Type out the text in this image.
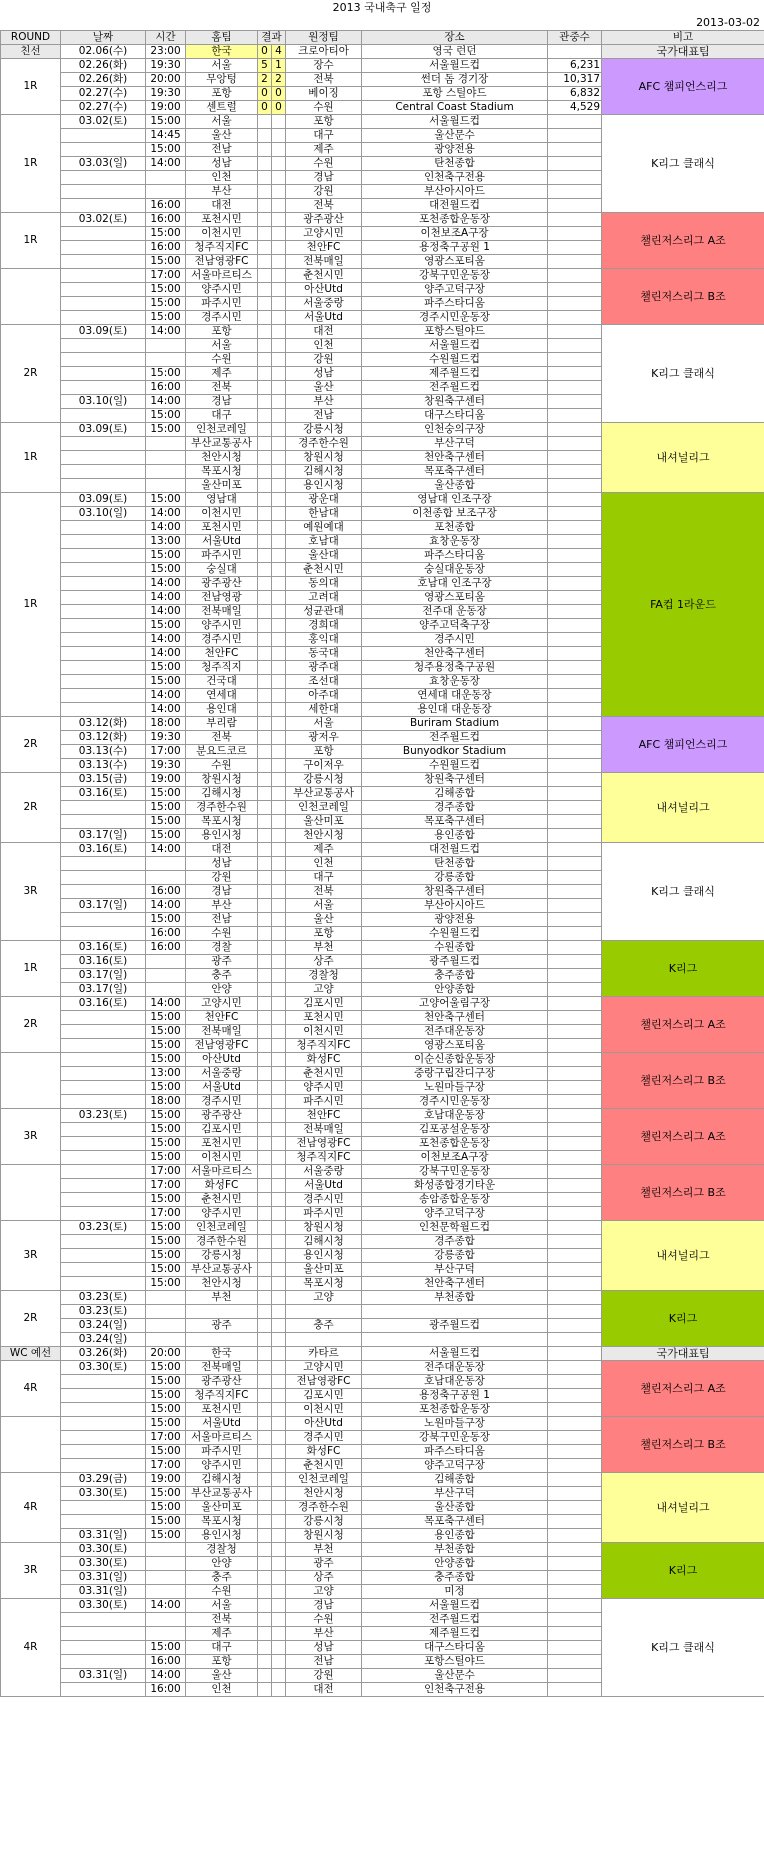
2013 국내축구 일정
2013-03-02
ROUND	날짜	시간	홈팀	결과		원정팀	장소	관중수	비고
친선	02.06(수)	23:00	한국	0	4	크로아티아	영국 런던		국가대표팀
1R	02.26(화)	19:30	서울	5	1	장수	서울월드컵	6,231	AFC 챔피언스리그
	02.26(화)	20:00	무앙텅	2	2	전북	썬더 돔 경기장	10,317	
	02.27(수)	19:30	포항	0	0	베이징	포항 스틸야드	6,832	
	02.27(수)	19:00	센트럴	0	0	수원	Central Coast Stadium	4,529	
1R	03.02(토)	15:00	서울			포항	서울월드컵		K리그 클래식
		14:45	울산			대구	울산문수		
		15:00	전남			제주	광양전용		
	03.03(일)	14:00	성남			수원	탄천종합		
			인천			경남	인천축구전용		
			부산			강원	부산아시아드		
		16:00	대전			전북	대전월드컵		
1R	03.02(토)	16:00	포천시민			광주광산	포천종합운동장		챌린저스리그 A조
		15:00	이천시민			고양시민	이천보조A구장		
		16:00	청주직지FC			천안FC	용정축구공원 1		
		15:00	전남영광FC			전북매일	영광스포티움		
		17:00	서울마르티스			춘천시민	강북구민운동장		챌린저스리그 B조
		15:00	양주시민			아산Utd	양주고덕구장		
		15:00	파주시민			서울중랑	파주스타디움		
		15:00	경주시민			서울Utd	경주시민운동장		
2R	03.09(토)	14:00	포항			대전	포항스틸야드		K리그 클래식
			서울			인천	서울월드컵		
			수원			강원	수원월드컵		
		15:00	제주			성남	제주월드컵		
		16:00	전북			울산	전주월드컵		
	03.10(일)	14:00	경남			부산	창원축구센터		
		15:00	대구			전남	대구스타디움		
1R	03.09(토)	15:00	인천코레일			강릉시청	인천숭의구장		내셔널리그
			부산교통공사			경주한수원	부산구덕		
			천안시청			창원시청	천안축구센터		
			목포시청			김해시청	목포축구센터		
			울산미포			용인시청	울산종합		
1R	03.09(토)	15:00	영남대			광운대	영남대 인조구장		FA컵 1라운드
	03.10(일)	14:00	이천시민			한남대	이천종합 보조구장		
		14:00	포천시민			예원예대	포천종합		
		13:00	서울Utd			호남대	효창운동장		
		15:00	파주시민			울산대	파주스타디움		
		15:00	숭실대			춘천시민	숭실대운동장		
		14:00	광주광산			동의대	호남대 인조구장		
		14:00	전남영광			고려대	영광스포티움		
		14:00	전북매일			성균관대	전주대 운동장		
		15:00	양주시민			경희대	양주고덕축구장		
		14:00	경주시민			홍익대	경주시민		
		14:00	천안FC			동국대	천안축구센터		
		15:00	청주직지			광주대	청주용정축구공원		
		15:00	건국대			조선대	효창운동장		
		14:00	연세대			아주대	연세대 대운동장		
		14:00	용인대			세한대	용인대 대운동장		
2R	03.12(화)	18:00	부리람			서울	Buriram Stadium		AFC 챔피언스리그
	03.12(화)	19:30	전북			광저우	전주월드컵		
	03.13(수)	17:00	분요드코르			포항	Bunyodkor Stadium		
	03.13(수)	19:30	수원			구이저우	수원월드컵		
2R	03.15(금)	19:00	창원시청			강릉시청	창원축구센터		내셔널리그
	03.16(토)	15:00	김해시청			부산교통공사	김해종합		
		15:00	경주한수원			인천코레일	경주종합		
		15:00	목포시청			울산미포	목포축구센터		
	03.17(일)	15:00	용인시청			천안시청	용인종합		
3R	03.16(토)	14:00	대전			제주	대전월드컵		K리그 클래식
			성남			인천	탄천종합		
			강원			대구	강릉종합		
		16:00	경남			전북	창원축구센터		
	03.17(일)	14:00	부산			서울	부산아시아드		
		15:00	전남			울산	광양전용		
		16:00	수원			포항	수원월드컵		
1R	03.16(토)	16:00	경찰			부천	수원종합		K리그
	03.16(토)		광주			상주	광주월드컵		
	03.17(일)		충주			경찰청	충주종합		
	03.17(일)		안양			고양	안양종합		
2R	03.16(토)	14:00	고양시민			김포시민	고양어울림구장		챌린저스리그 A조
		15:00	천안FC			포천시민	천안축구센터		
		15:00	전북매일			이천시민	전주대운동장		
		15:00	전남영광FC			청주직지FC	영광스포티움		
		15:00	아산Utd			화성FC	이순신종합운동장		챌린저스리그 B조
		13:00	서울중랑			춘천시민	중랑구립잔디구장		
		15:00	서울Utd			양주시민	노원마들구장		
		18:00	경주시민			파주시민	경주시민운동장		
3R	03.23(토)	15:00	광주광산			천안FC	호남대운동장		챌린저스리그 A조
		15:00	김포시민			전북매일	김포공설운동장		
		15:00	포천시민			전남영광FC	포천종합운동장		
		15:00	이천시민			청주직지FC	이천보조A구장		
		17:00	서울마르티스			서울중랑	강북구민운동장		챌린저스리그 B조
		17:00	화성FC			서울Utd	화성종합경기타운		
		15:00	춘천시민			경주시민	송암종합운동장		
		17:00	양주시민			파주시민	양주고덕구장		
3R	03.23(토)	15:00	인천코레일			창원시청	인천문학월드컵		내셔널리그
		15:00	경주한수원			김해시청	경주종합		
		15:00	강릉시청			용인시청	강릉종합		
		15:00	부산교통공사			울산미포	부산구덕		
		15:00	천안시청			목포시청	천안축구센터		
2R	03.23(토)		부천			고양	부천종합		K리그
	03.23(토)								
	03.24(일)		광주			충주	광주월드컵		
	03.24(일)								
WC 예선	03.26(화)	20:00	한국			카타르	서울월드컵		국가대표팀
4R	03.30(토)	15:00	전북매일			고양시민	전주대운동장		챌린저스리그 A조
		15:00	광주광산			전남영광FC	호남대운동장		
		15:00	청주직지FC			김포시민	용정축구공원 1		
		15:00	포천시민			이천시민	포천종합운동장		
		15:00	서울Utd			아산Utd	노원마들구장		챌린저스리그 B조
		17:00	서울마르티스			경주시민	강북구민운동장		
		15:00	파주시민			화성FC	파주스타디움		
		17:00	양주시민			춘천시민	양주고덕구장		
4R	03.29(금)	19:00	김해시청			인천코레일	김해종합		내셔널리그
	03.30(토)	15:00	부산교통공사			천안시청	부산구덕		
		15:00	울산미포			경주한수원	울산종합		
		15:00	목포시청			강릉시청	목포축구센터		
	03.31(일)	15:00	용인시청			창원시청	용인종합		
3R	03.30(토)		경찰청			부천	부천종합		K리그
	03.30(토)		안양			광주	안양종합		
	03.31(일)		충주			상주	충주종합		
	03.31(일)		수원			고양	미정		
4R	03.30(토)	14:00	서울			경남	서울월드컵		K리그 클래식
			전북			수원	전주월드컵		
			제주			부산	제주월드컵		
		15:00	대구			성남	대구스타디움		
		16:00	포항			전남	포항스틸야드		
	03.31(일)	14:00	울산			강원	울산문수		
		16:00	인천			대전	인천축구전용		
